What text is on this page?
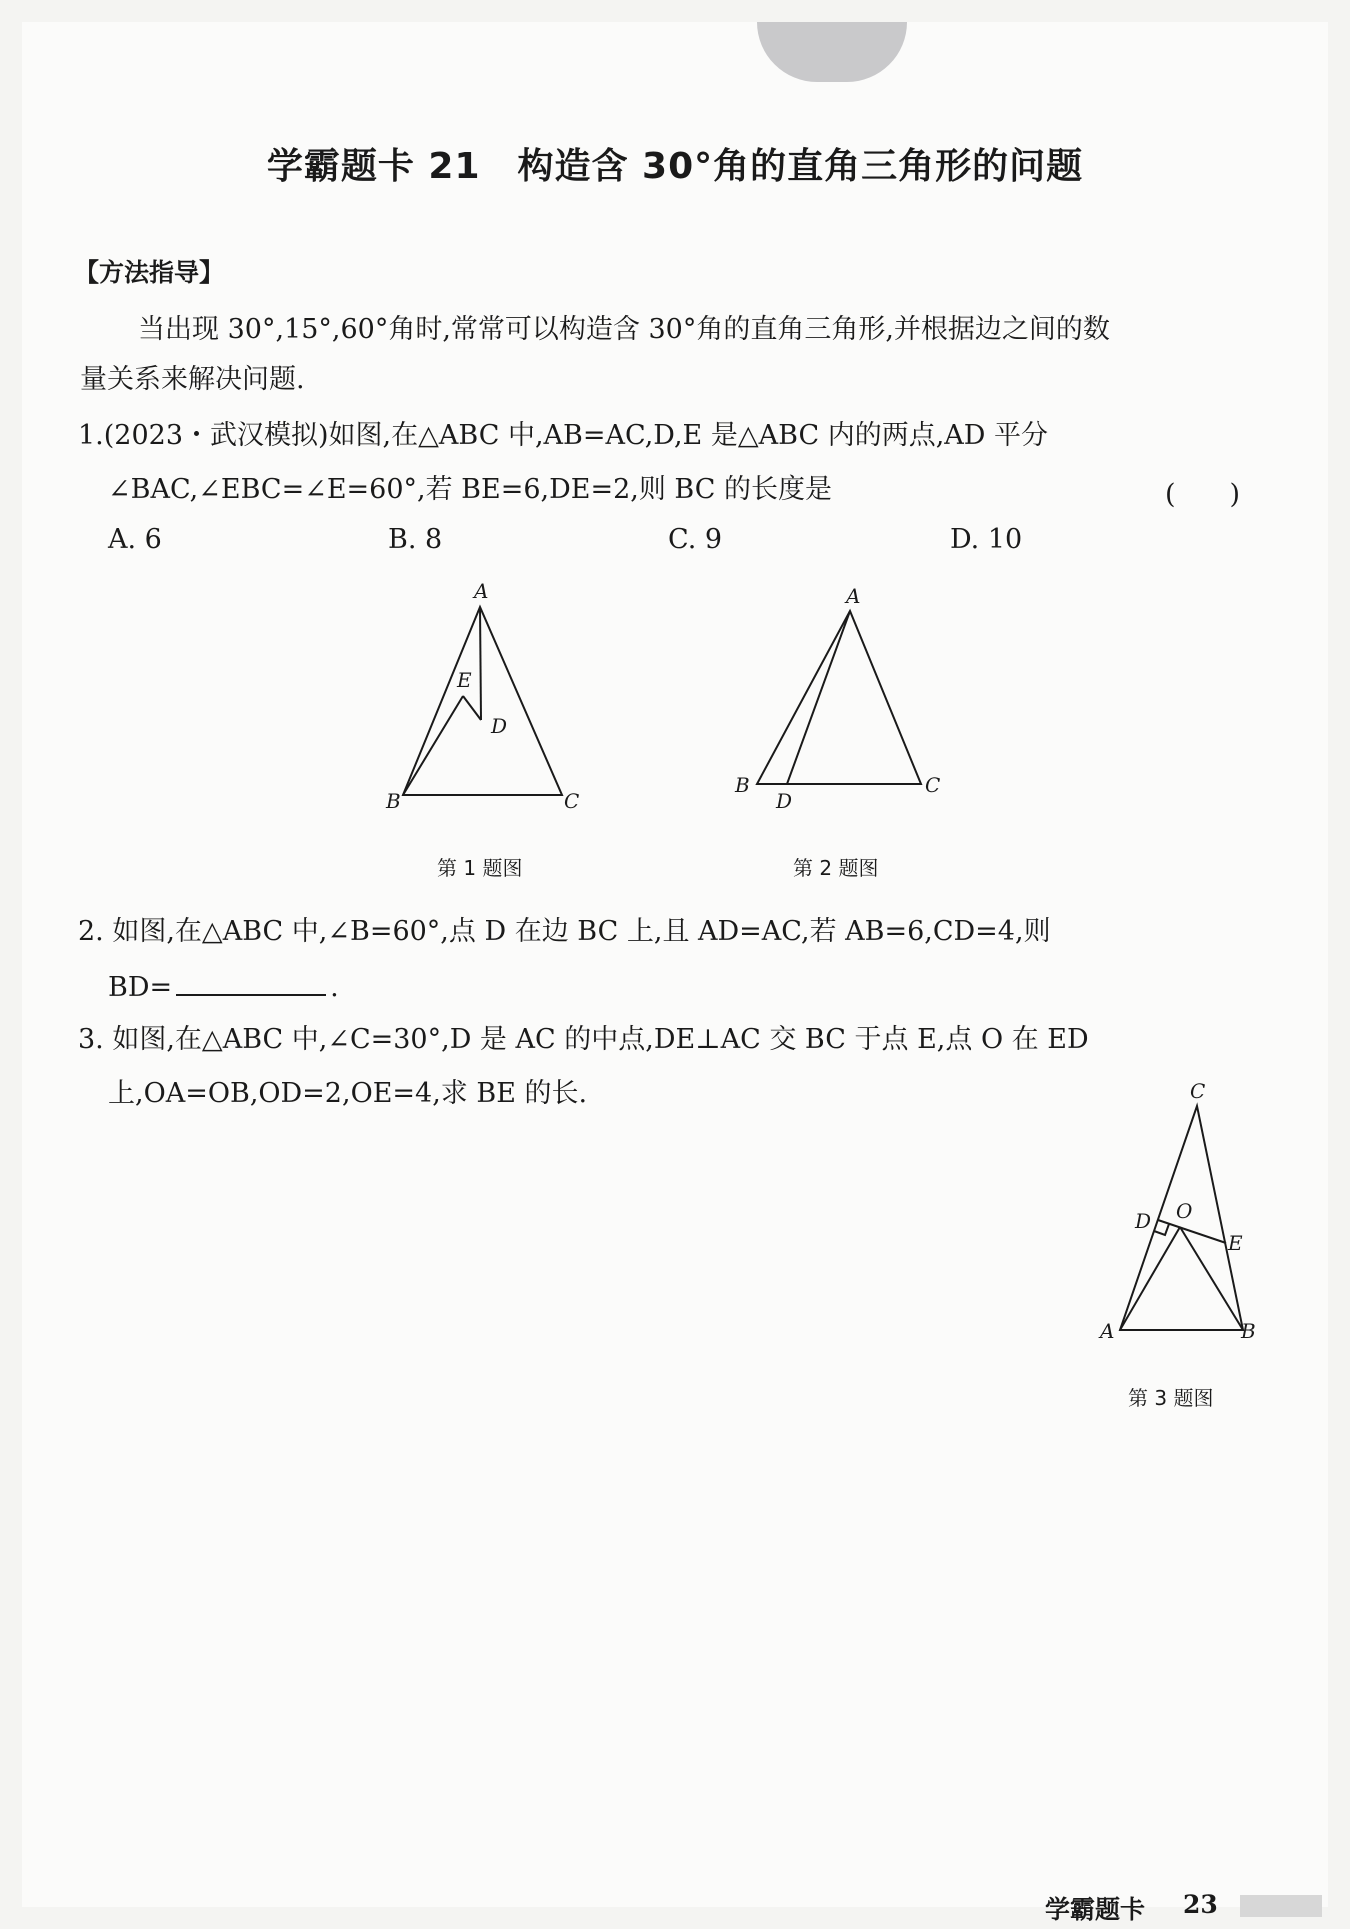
学霸题卡 21　构造含 30°角的直角三角形的问题
【方法指导】
当出现 30°,15°,60°角时,常常可以构造含 30°角的直角三角形,并根据边之间的数
量关系来解决问题.
1.(2023・武汉模拟)如图,在△ABC 中,AB=AC,D,E 是△ABC 内的两点,AD 平分
∠BAC,∠EBC=∠E=60°,若 BE=6,DE=2,则 BC 的长度是	(　　)
A. 6	B. 8	C. 9	D. 10
A
B	C
D
E
第 1 题图
A
B	C
D
第 2 题图
2. 如图,在△ABC 中,∠B=60°,点 D 在边 BC 上,且 AD=AC,若 AB=6,CD=4,则
BD=	.
3. 如图,在△ABC 中,∠C=30°,D 是 AC 的中点,DE⊥AC 交 BC 于点 E,点 O 在 ED
上,OA=OB,OD=2,OE=4,求 BE 的长.	C
D O
E
A	B
第 3 题图
学霸题卡 23
